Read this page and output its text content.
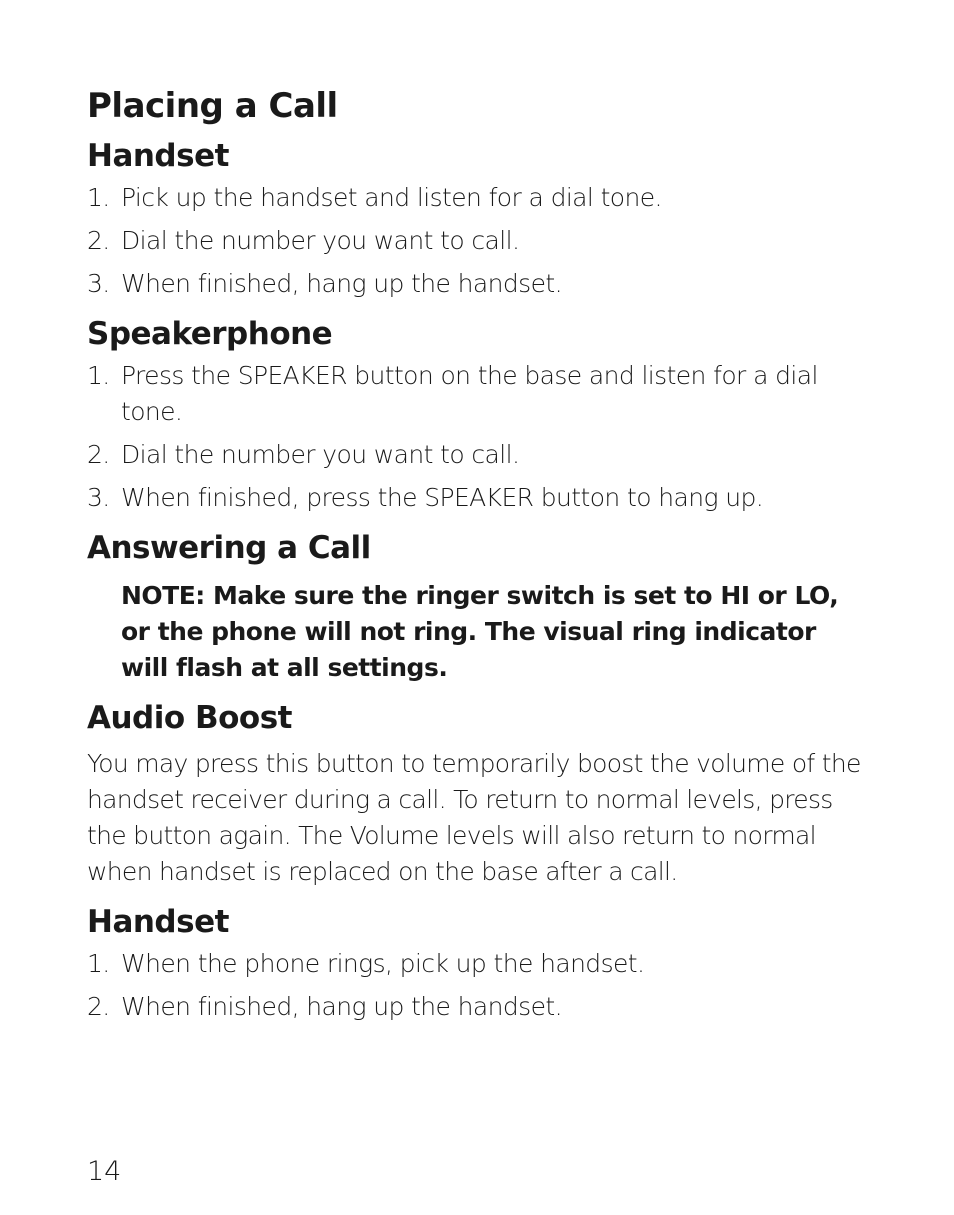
Placing a Call
Handset
1. Pick up the handset and listen for a dial tone.
2. Dial the number you want to call.
3. When finished, hang up the handset.
Speakerphone
1. Press the SPEAKER button on the base and listen for a dial tone.
2. Dial the number you want to call.
3. When finished, press the SPEAKER button to hang up.
Answering a Call
NOTE: Make sure the ringer switch is set to HI or LO, or the phone will not ring. The visual ring indicator will flash at all settings.
Audio Boost

You may press this button to temporarily boost the volume of the handset receiver during a call. To return to normal levels, press the button again. The Volume levels will also return to normal when handset is replaced on the base after a call.

Handset
1. When the phone rings, pick up the handset.
2. When finished, hang up the handset.
14
